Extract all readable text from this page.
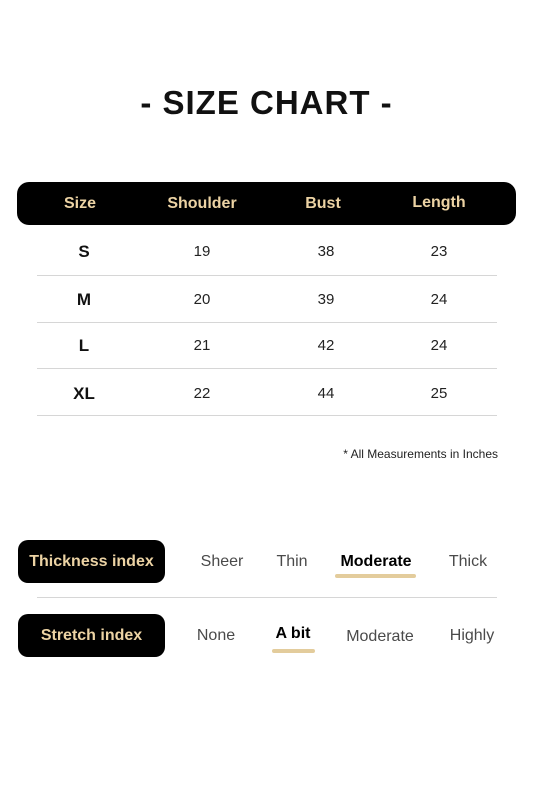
- SIZE CHART -
Size	Shoulder	Bust	Length
S	19	38	23
M	20	39	24
L	21	42	24
XL	22	44	25
* All Measurements in Inches
Thickness index	Sheer	Thin	Moderate	Thick
Stretch index	None	A bit	Moderate	Highly
